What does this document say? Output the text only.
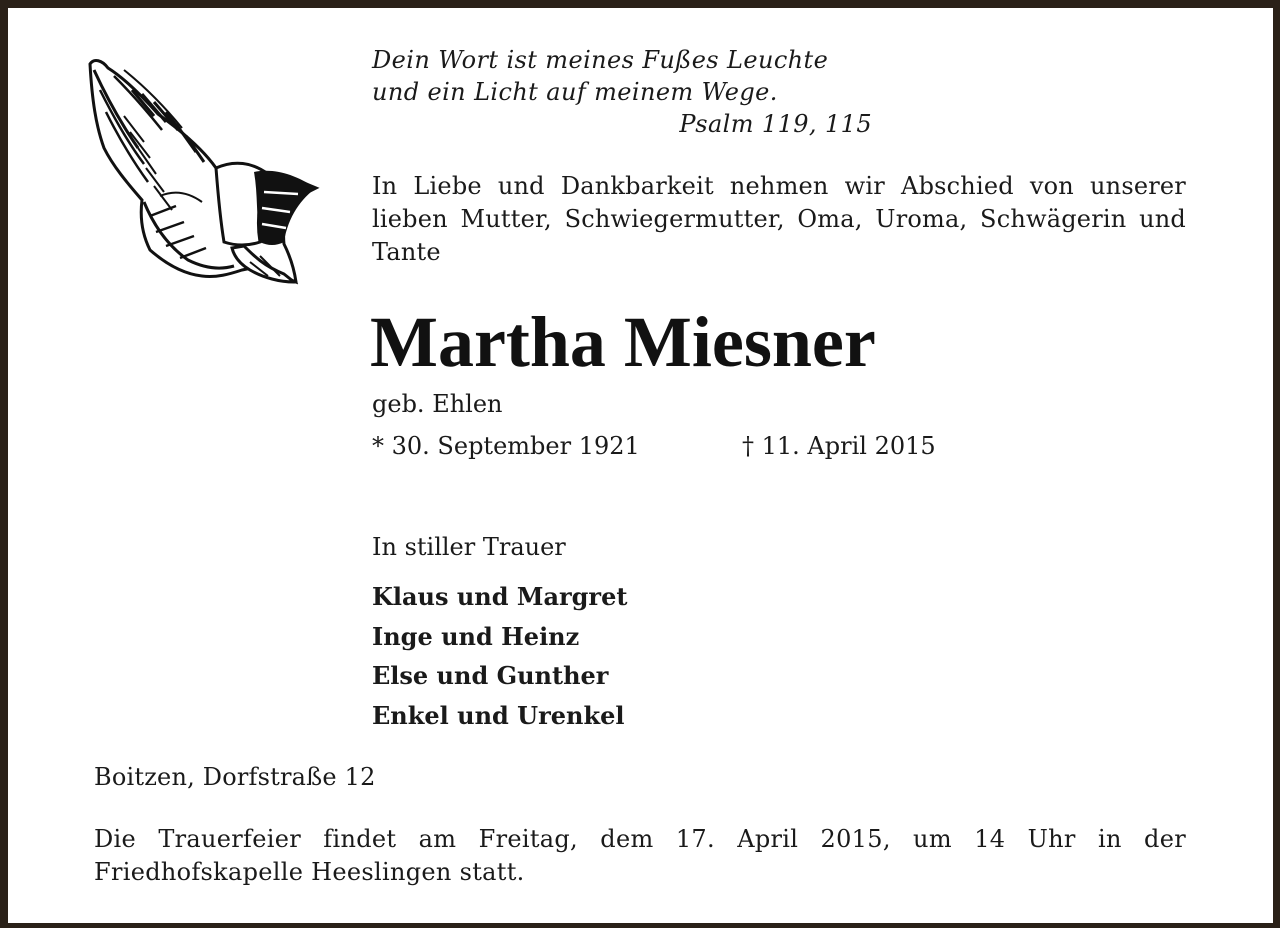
Dein Wort ist meines Fußes Leuchte
und ein Licht auf meinem Wege.
Psalm 119, 115
In Liebe und Dankbarkeit nehmen wir Abschied von unserer lieben Mutter, Schwiegermutter, Oma, Uroma, Schwägerin und Tante
Martha Miesner
geb. Ehlen
* 30. September 1921	† 11. April 2015
In stiller Trauer
Klaus und Margret
Inge und Heinz
Else und Gunther
Enkel und Urenkel
Boitzen, Dorfstraße 12
Die Trauerfeier findet am Freitag, dem 17. April 2015, um 14 Uhr in der Friedhofskapelle Heeslingen statt.
